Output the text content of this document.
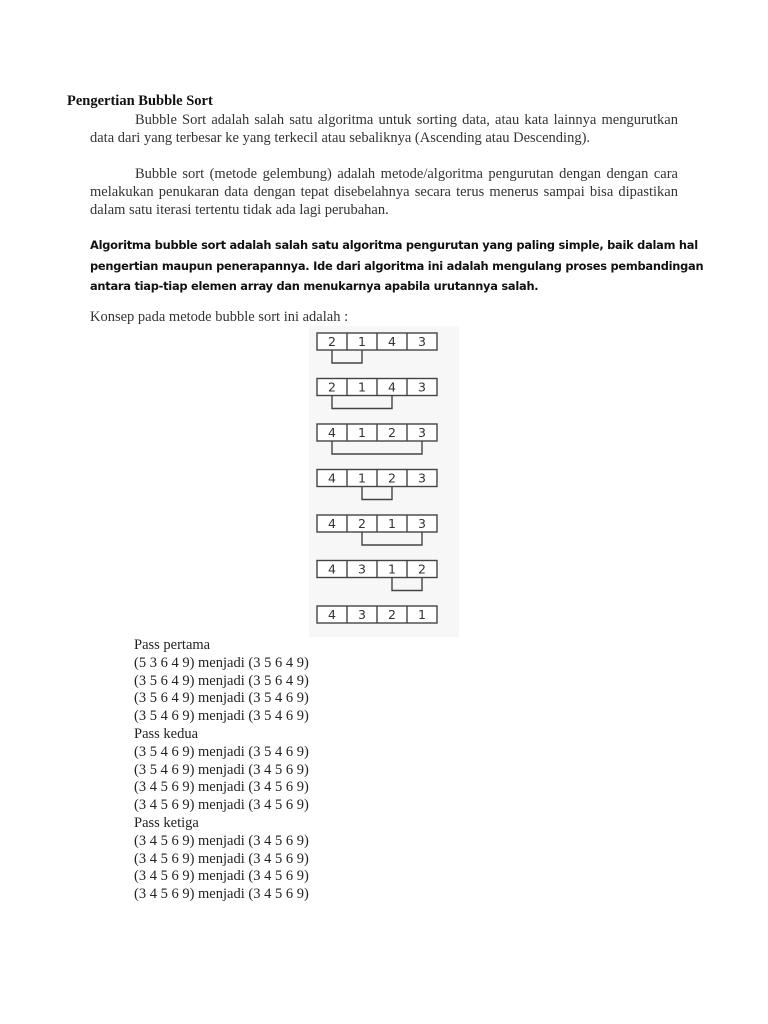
Pengertian Bubble Sort
Bubble Sort adalah salah satu algoritma untuk sorting data, atau kata lainnya mengurutkan data dari yang terbesar ke yang terkecil atau sebaliknya (Ascending atau Descending).
Bubble sort (metode gelembung) adalah metode/algoritma pengurutan dengan dengan cara melakukan penukaran data dengan tepat disebelahnya secara terus menerus sampai bisa dipastikan dalam satu iterasi tertentu tidak ada lagi perubahan.
Algoritma bubble sort adalah salah satu algoritma pengurutan yang paling simple, baik dalam hal
pengertian maupun penerapannya. Ide dari algoritma ini adalah mengulang proses pembandingan
antara tiap-tiap elemen array dan menukarnya apabila urutannya salah.
Konsep pada metode bubble sort ini adalah :
2 1 4 3
2 1 4 3
4 1 2 3
4 1 2 3
4 2 1 3
4 3 1 2
4 3 2 1
Pass pertama
(5 3 6 4 9) menjadi (3 5 6 4 9)
(3 5 6 4 9) menjadi (3 5 6 4 9)
(3 5 6 4 9) menjadi (3 5 4 6 9)
(3 5 4 6 9) menjadi (3 5 4 6 9)
Pass kedua
(3 5 4 6 9) menjadi (3 5 4 6 9)
(3 5 4 6 9) menjadi (3 4 5 6 9)
(3 4 5 6 9) menjadi (3 4 5 6 9)
(3 4 5 6 9) menjadi (3 4 5 6 9)
Pass ketiga
(3 4 5 6 9) menjadi (3 4 5 6 9)
(3 4 5 6 9) menjadi (3 4 5 6 9)
(3 4 5 6 9) menjadi (3 4 5 6 9)
(3 4 5 6 9) menjadi (3 4 5 6 9)
